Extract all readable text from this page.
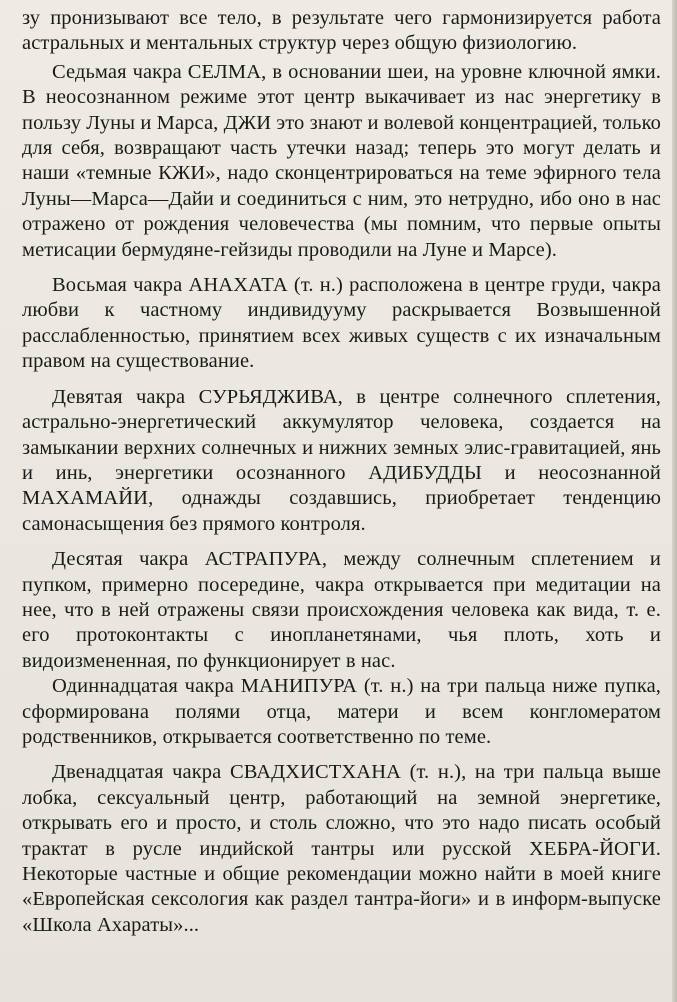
зу пронизывают все тело, в результате чего гармонизируется работа астральных и ментальных структур через общую физиологию.

Седьмая чакра СЕЛМА, в основании шеи, на уровне ключной ямки. В неосознанном режиме этот центр выкачивает из нас энергетику в пользу Луны и Марса, ДЖИ это знают и волевой концентрацией, только для себя, возвращают часть утечки назад; теперь это могут делать и наши «темные КЖИ», надо сконцентрироваться на теме эфирного тела Луны—Марса—Дайи и соединиться с ним, это нетрудно, ибо оно в нас отражено от рождения человечества (мы помним, что первые опыты метисации бермудяне-гейзиды проводили на Луне и Марсе).

Восьмая чакра АНАХАТА (т. н.) расположена в центре груди, чакра любви к частному индивидууму раскрывается Возвышенной расслабленностью, принятием всех живых существ с их изначальным правом на существование.

Девятая чакра СУРЬЯДЖИВА, в центре солнечного сплетения, астрально-энергетический аккумулятор человека, создается на замыкании верхних солнечных и нижних земных элис-гравитацией, янь и инь, энергетики осознанного АДИБУДДЫ и неосознанной МАХАМАЙИ, однажды создавшись, приобретает тенденцию самонасыщения без прямого контроля.

Десятая чакра АСТРАПУРА, между солнечным сплетением и пупком, примерно посередине, чакра открывается при медитации на нее, что в ней отражены связи происхождения человека как вида, т. е. его протоконтакты с инопланетянами, чья плоть, хоть и видоизмененная, по функционирует в нас.

Одиннадцатая чакра МАНИПУРА (т. н.) на три пальца ниже пупка, сформирована полями отца, матери и всем конгломератом родственников, открывается соответственно по теме.

Двенадцатая чакра СВАДХИСТХАНА (т. н.), на три пальца выше лобка, сексуальный центр, работающий на земной энергетике, открывать его и просто, и столь сложно, что это надо писать особый трактат в русле индийской тантры или русской ХЕБРА-ЙОГИ. Некоторые частные и общие рекомендации можно найти в моей книге «Европейская сексология как раздел тантра-йоги» и в информ-выпуске «Школа Ахараты»...
